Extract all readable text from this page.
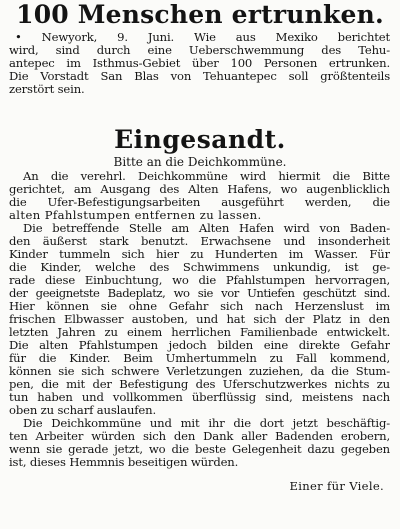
100 Menschen ertrunken.
• Newyork, 9. Juni. Wie aus Mexiko berichtet
wird, sind durch eine Ueberschwemmung des Tehu-
antepec im Isthmus-Gebiet über 100 Personen ertrunken.
Die Vorstadt San Blas von Tehuantepec soll größtenteils
zerstört sein.
Eingesandt.
Bitte an die Deichkommüne.
An die verehrl. Deichkommüne wird hiermit die Bitte
gerichtet, am Ausgang des Alten Hafens, wo augenblicklich
die Ufer-Befestigungsarbeiten ausgeführt werden, die
alten Pfahlstumpen entfernen zu lassen.
Die betreffende Stelle am Alten Hafen wird von Baden-
den äußerst stark benutzt. Erwachsene und insonderheit
Kinder tummeln sich hier zu Hunderten im Wasser. Für
die Kinder, welche des Schwimmens unkundig, ist ge-
rade diese Einbuchtung, wo die Pfahlstumpen hervorragen,
der geeignetste Badeplatz, wo sie vor Untiefen geschützt sind.
Hier können sie ohne Gefahr sich nach Herzenslust im
frischen Elbwasser austoben, und hat sich der Platz in den
letzten Jahren zu einem herrlichen Familienbade entwickelt.
Die alten Pfahlstumpen jedoch bilden eine direkte Gefahr
für die Kinder. Beim Umhertummeln zu Fall kommend,
können sie sich schwere Verletzungen zuziehen, da die Stum-
pen, die mit der Befestigung des Uferschutzwerkes nichts zu
tun haben und vollkommen überflüssig sind, meistens nach
oben zu scharf auslaufen.
Die Deichkommüne und mit ihr die dort jetzt beschäftig-
ten Arbeiter würden sich den Dank aller Badenden erobern,
wenn sie gerade jetzt, wo die beste Gelegenheit dazu gegeben
ist, dieses Hemmnis beseitigen würden.
Einer für Viele.
